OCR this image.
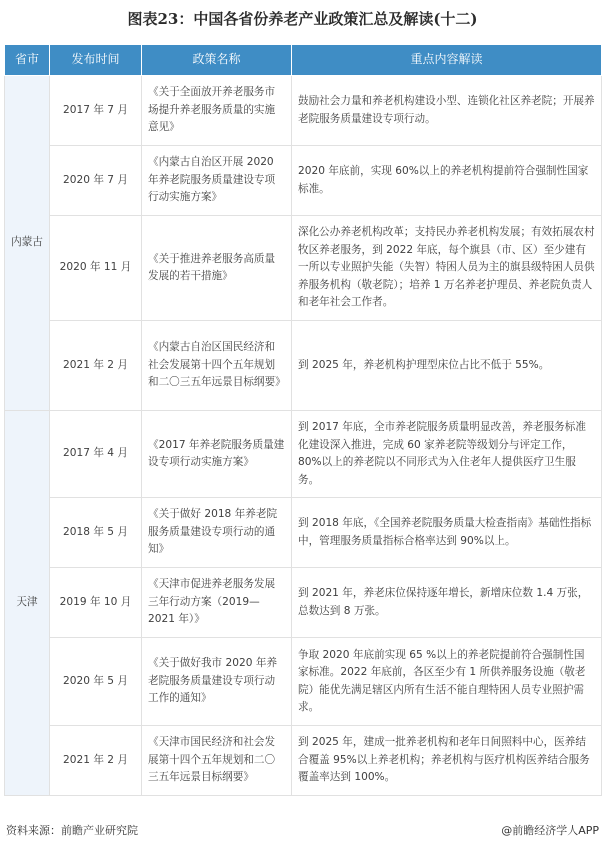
图表23：中国各省份养老产业政策汇总及解读(十二)
省市	发布时间	政策名称	重点内容解读
内蒙古	2017 年 7 月	《关于全面放开养老服务市场提升养老服务质量的实施意见》	鼓励社会力量和养老机构建设小型、连锁化社区养老院；开展养老院服务质量建设专项行动。
	2020 年 7 月	《内蒙古自治区开展 2020 年养老院服务质量建设专项行动实施方案》	2020 年底前，实现 60%以上的养老机构提前符合强制性国家标准。
	2020 年 11 月	《关于推进养老服务高质量发展的若干措施》	深化公办养老机构改革；支持民办养老机构发展；有效拓展农村牧区养老服务，到 2022 年底，每个旗县（市、区）至少建有一所以专业照护失能（失智）特困人员为主的旗县级特困人员供养服务机构（敬老院）；培养 1 万名养老护理员、养老院负责人和老年社会工作者。
	2021 年 2 月	《内蒙古自治区国民经济和社会发展第十四个五年规划和二〇三五年远景目标纲要》	到 2025 年，养老机构护理型床位占比不低于 55%。
天津	2017 年 4 月	《2017 年养老院服务质量建设专项行动实施方案》	到 2017 年底，全市养老院服务质量明显改善，养老服务标准化建设深入推进，完成 60 家养老院等级划分与评定工作，80%以上的养老院以不同形式为入住老年人提供医疗卫生服务。
	2018 年 5 月	《关于做好 2018 年养老院服务质量建设专项行动的通知》	到 2018 年底，《全国养老院服务质量大检查指南》基础性指标中，管理服务质量指标合格率达到 90%以上。
	2019 年 10 月	《天津市促进养老服务发展三年行动方案（2019—2021 年）》	到 2021 年，养老床位保持逐年增长，新增床位数 1.4 万张，总数达到 8 万张。
	2020 年 5 月	《关于做好我市 2020 年养老院服务质量建设专项行动工作的通知》	争取 2020 年底前实现 65 %以上的养老院提前符合强制性国家标准。2022 年底前，各区至少有 1 所供养服务设施（敬老院）能优先满足辖区内所有生活不能自理特困人员专业照护需求。
	2021 年 2 月	《天津市国民经济和社会发展第十四个五年规划和二〇三五年远景目标纲要》	到 2025 年，建成一批养老机构和老年日间照料中心，医养结合覆盖 95%以上养老机构；养老机构与医疗机构医养结合服务覆盖率达到 100%。
资料来源：前瞻产业研究院	@前瞻经济学人APP
